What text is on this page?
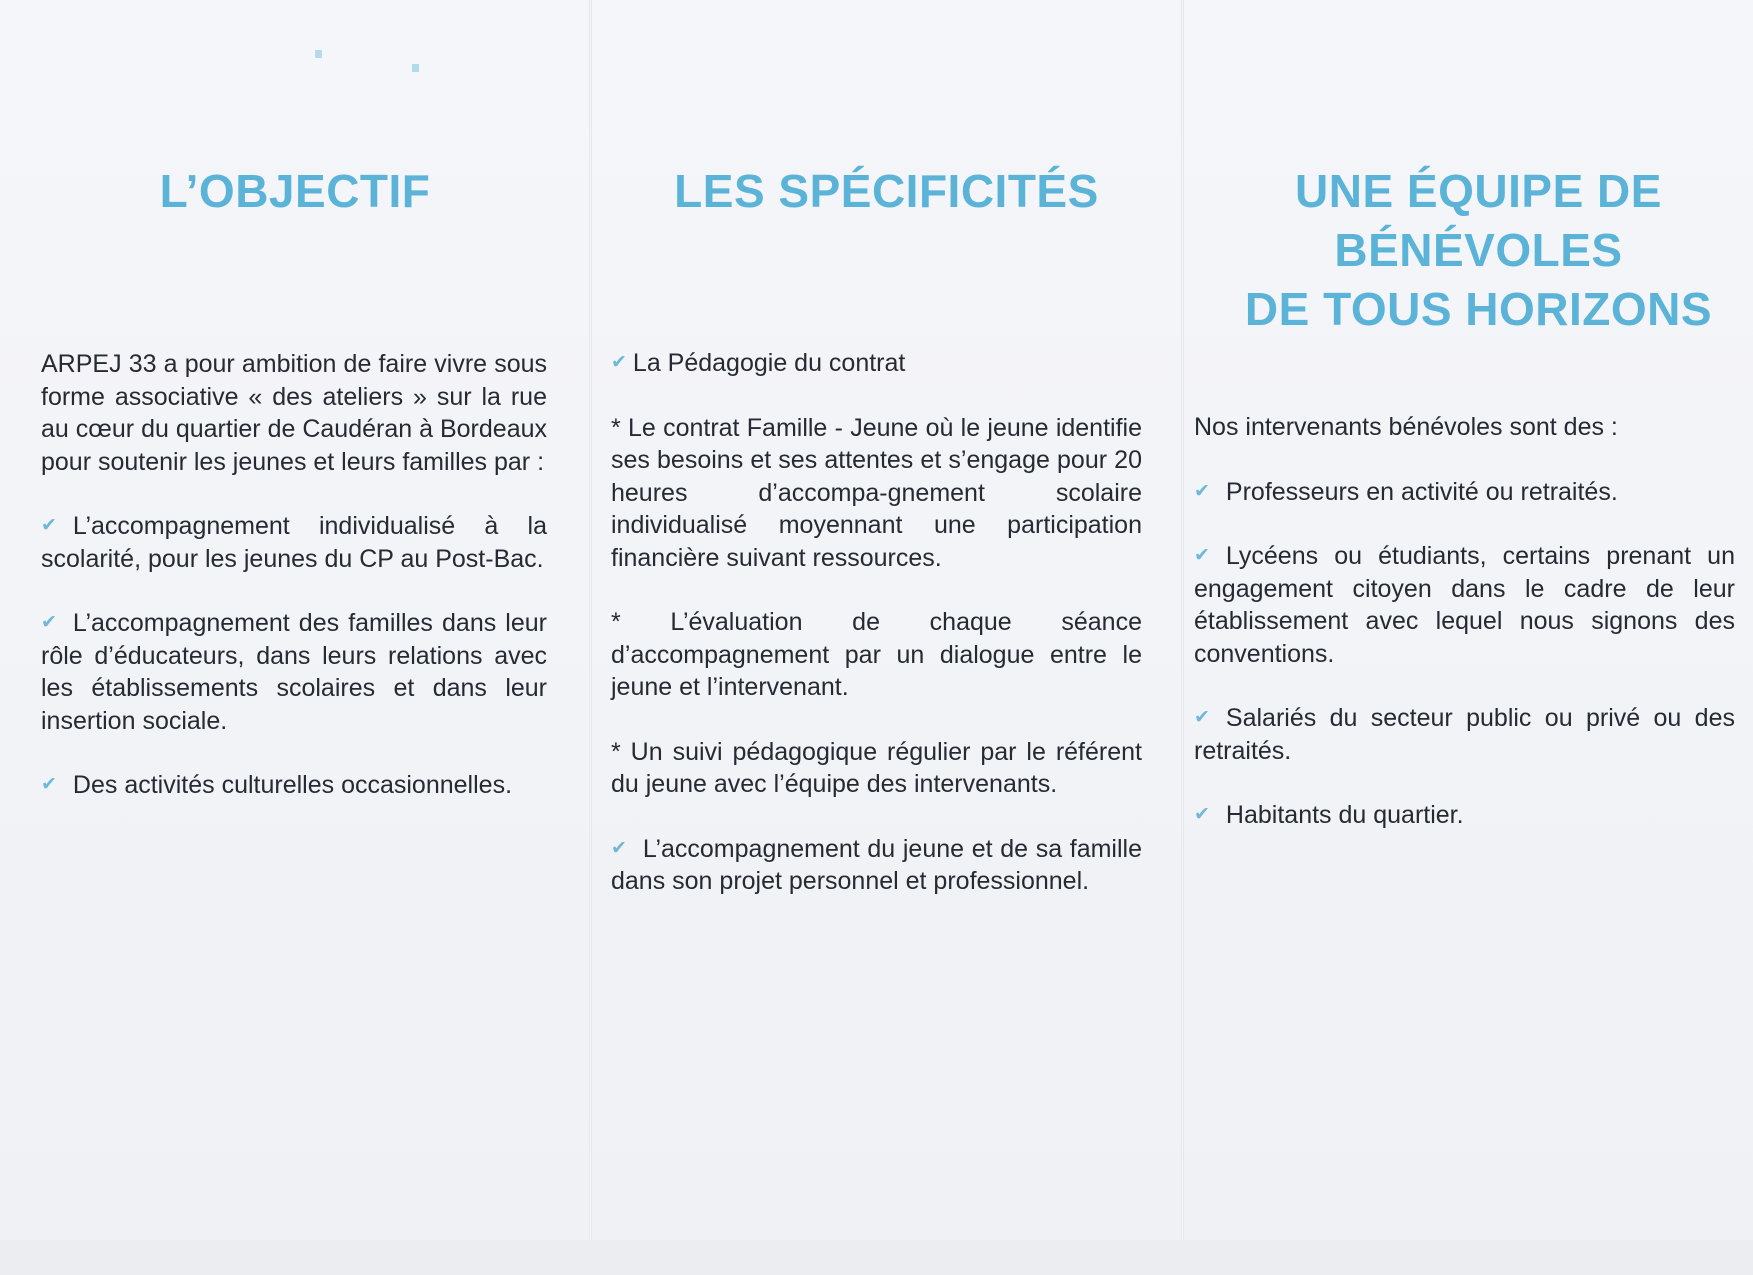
L’OBJECTIF

ARPEJ 33 a pour ambition de faire vivre sous forme associative « des ateliers » sur la rue au cœur du quartier de Caudéran à Bordeaux pour soutenir les jeunes et leurs familles par :

✔ L’accompagnement individualisé à la scolarité, pour les jeunes du CP au Post-Bac.

✔ L’accompagnement des familles dans leur rôle d’éducateurs, dans leurs relations avec les établissements scolaires et dans leur insertion sociale.

✔ Des activités culturelles occasionnelles.

LES SPÉCIFICITÉS

✔ La Pédagogie du contrat

* Le contrat Famille - Jeune où le jeune identifie ses besoins et ses attentes et s’engage pour 20 heures d’accompa-gnement scolaire individualisé moyennant une participation financière suivant ressources.

* L’évaluation de chaque séance d’accompagnement par un dialogue entre le jeune et l’intervenant.

* Un suivi pédagogique régulier par le référent du jeune avec l’équipe des intervenants.

✔ L’accompagnement du jeune et de sa famille dans son projet personnel et professionnel.

UNE ÉQUIPE DE
BÉNÉVOLES
DE TOUS HORIZONS

Nos intervenants bénévoles sont des :

✔ Professeurs en activité ou retraités.

✔ Lycéens ou étudiants, certains prenant un engagement citoyen dans le cadre de leur établissement avec lequel nous signons des conventions.

✔ Salariés du secteur public ou privé ou des retraités.

✔ Habitants du quartier.
